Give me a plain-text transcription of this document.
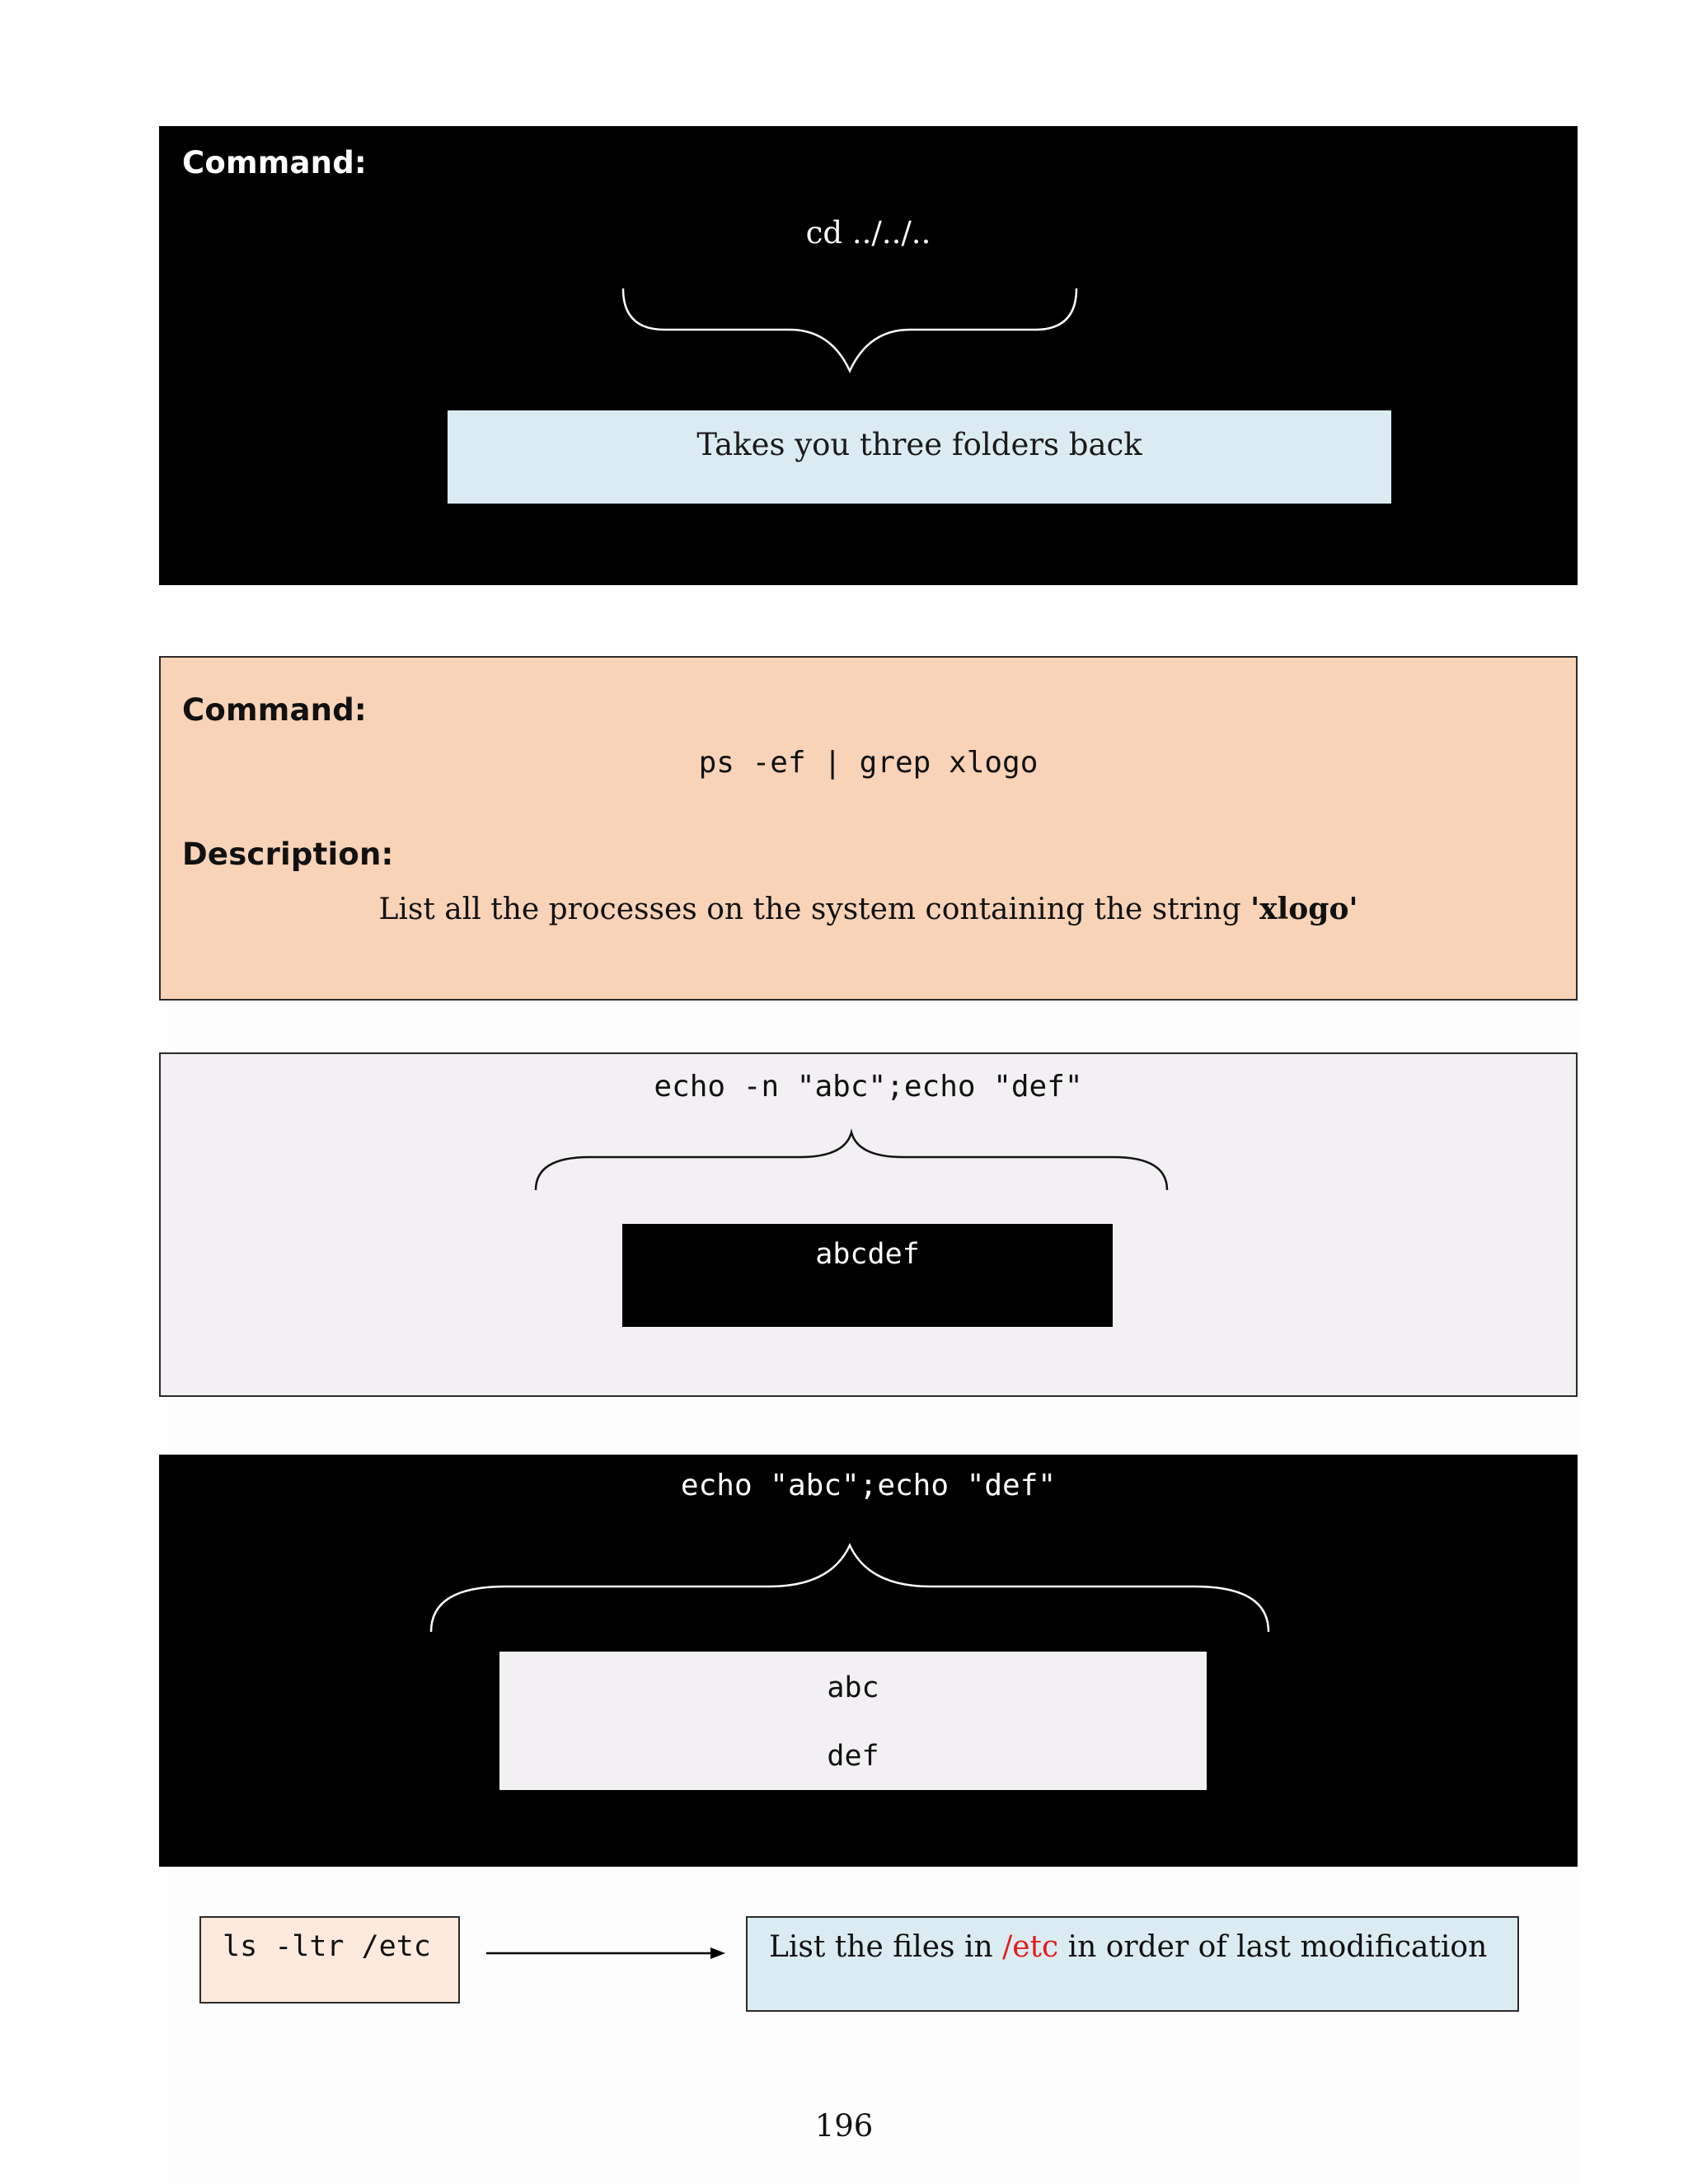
Command:
cd ../../..
Takes you three folders back
Command:
ps -ef | grep xlogo
Description:
List all the processes on the system containing the string 'xlogo'
echo -n "abc";echo "def"
abcdef
echo "abc";echo "def"
abc
def
ls -ltr /etc	List the files in /etc in order of last modification
196
